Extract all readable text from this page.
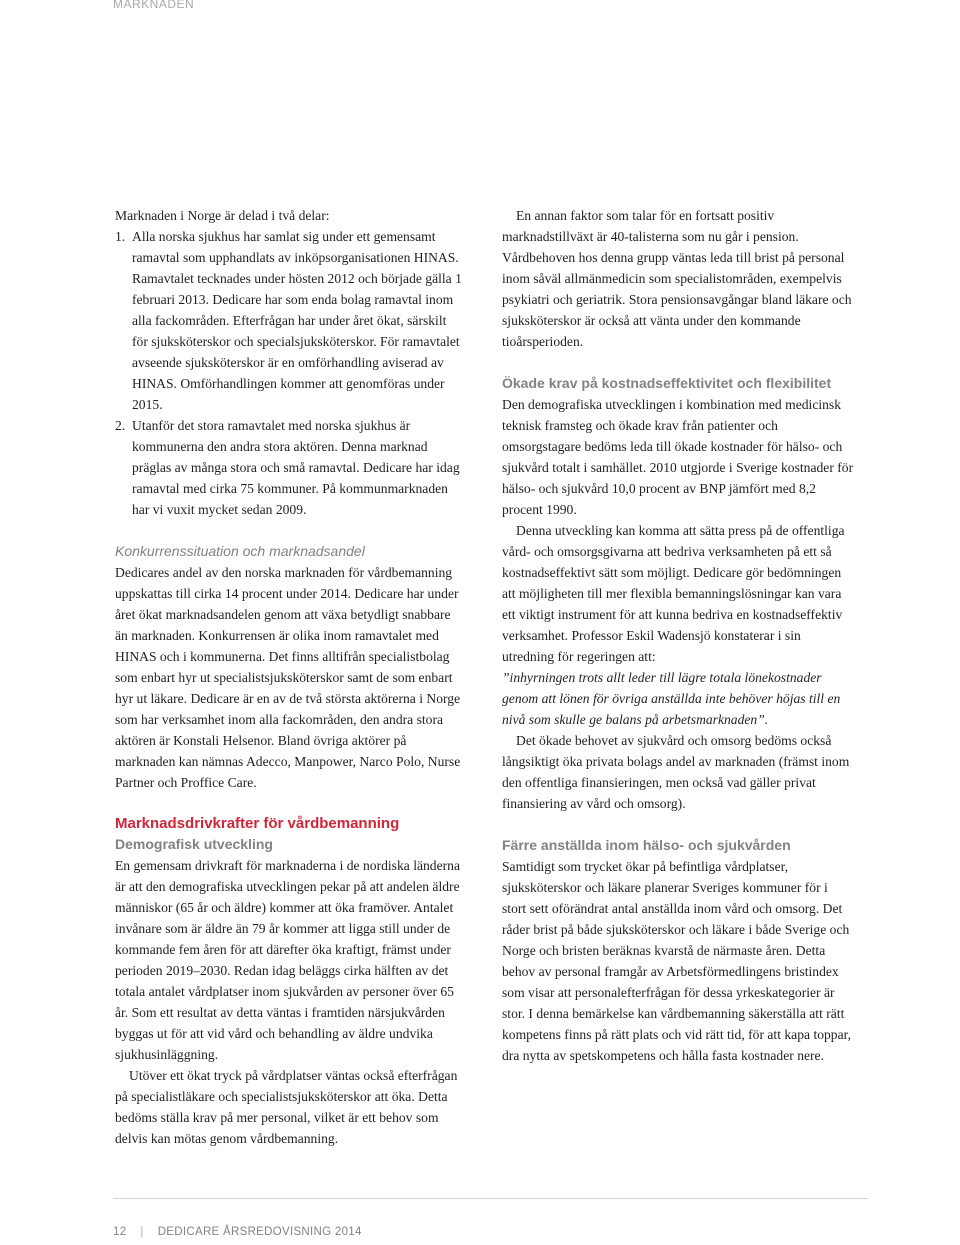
MARKNADEN

Marknaden i Norge är delad i två delar:

1. Alla norska sjukhus har samlat sig under ett gemensamt ramavtal som upphandlats av inköpsorganisationen HINAS. Ramavtalet tecknades under hösten 2012 och började gälla 1 februari 2013. Dedicare har som enda bolag ramavtal inom alla fackområden. Efterfrågan har under året ökat, särskilt för sjuksköterskor och specialsjuksköterskor. För ramavtalet avseende sjuksköterskor är en omförhandling aviserad av HINAS. Omförhandlingen kommer att genomföras under 2015.
2. Utanför det stora ramavtalet med norska sjukhus är kommunerna den andra stora aktören. Denna marknad präglas av många stora och små ramavtal. Dedicare har idag ramavtal med cirka 75 kommuner. På kommunmarknaden har vi vuxit mycket sedan 2009.
Konkurrenssituation och marknadsandel

Dedicares andel av den norska marknaden för vårdbemanning uppskattas till cirka 14 procent under 2014. Dedicare har under året ökat marknadsandelen genom att växa betydligt snabbare än marknaden. Konkurrensen är olika inom ramavtalet med HINAS och i kommunerna. Det finns alltifrån specialistbolag som enbart hyr ut specialistsjuksköterskor samt de som enbart hyr ut läkare. Dedicare är en av de två största aktörerna i Norge som har verksamhet inom alla fackområden, den andra stora aktören är Konstali Helsenor. Bland övriga aktörer på marknaden kan nämnas Adecco, Manpower, Narco Polo, Nurse Partner och Proffice Care.

Marknadsdrivkrafter för vårdbemanning
Demografisk utveckling

En gemensam drivkraft för marknaderna i de nordiska länderna är att den demografiska utvecklingen pekar på att andelen äldre människor (65 år och äldre) kommer att öka framöver. Antalet invånare som är äldre än 79 år kommer att ligga still under de kommande fem åren för att därefter öka kraftigt, främst under perioden 2019–2030. Redan idag beläggs cirka hälften av det totala antalet vårdplatser inom sjukvården av personer över 65 år. Som ett resultat av detta väntas i framtiden närsjukvården byggas ut för att vid vård och behandling av äldre undvika sjukhusinläggning.

Utöver ett ökat tryck på vårdplatser väntas också efterfrågan på specialistläkare och specialistsjuksköterskor att öka. Detta bedöms ställa krav på mer personal, vilket är ett behov som delvis kan mötas genom vårdbemanning.

En annan faktor som talar för en fortsatt positiv marknadstillväxt är 40-talisterna som nu går i pension. Vårdbehoven hos denna grupp väntas leda till brist på personal inom såväl allmänmedicin som specialistområden, exempelvis psykiatri och geriatrik. Stora pensionsavgångar bland läkare och sjuksköterskor är också att vänta under den kommande tioårsperioden.

Ökade krav på kostnadseffektivitet och flexibilitet

Den demografiska utvecklingen i kombination med medicinsk teknisk framsteg och ökade krav från patienter och omsorgstagare bedöms leda till ökade kostnader för hälso- och sjukvård totalt i samhället. 2010 utgjorde i Sverige kostnader för hälso- och sjukvård 10,0 procent av BNP jämfört med 8,2 procent 1990.

Denna utveckling kan komma att sätta press på de offentliga vård- och omsorgsgivarna att bedriva verksamheten på ett så kostnadseffektivt sätt som möjligt. Dedicare gör bedömningen att möjligheten till mer flexibla bemanningslösningar kan vara ett viktigt instrument för att kunna bedriva en kostnadseffektiv verksamhet. Professor Eskil Wadensjö konstaterar i sin utredning för regeringen att:

”inhyrningen trots allt leder till lägre totala lönekostnader genom att lönen för övriga anställda inte behöver höjas till en nivå som skulle ge balans på arbetsmarknaden”.

Det ökade behovet av sjukvård och omsorg bedöms också långsiktigt öka privata bolags andel av marknaden (främst inom den offentliga finansieringen, men också vad gäller privat finansiering av vård och omsorg).

Färre anställda inom hälso- och sjukvården

Samtidigt som trycket ökar på befintliga vårdplatser, sjuksköterskor och läkare planerar Sveriges kommuner för i stort sett oförändrat antal anställda inom vård och omsorg. Det råder brist på både sjuksköterskor och läkare i både Sverige och Norge och bristen beräknas kvarstå de närmaste åren. Detta behov av personal framgår av Arbetsförmedlingens bristindex som visar att personalefterfrågan för dessa yrkeskategorier är stor. I denna bemärkelse kan vårdbemanning säkerställa att rätt kompetens finns på rätt plats och vid rätt tid, för att kapa toppar, dra nytta av spetskompetens och hålla fasta kostnader nere.

12 | DEDICARE ÅRSREDOVISNING 2014
